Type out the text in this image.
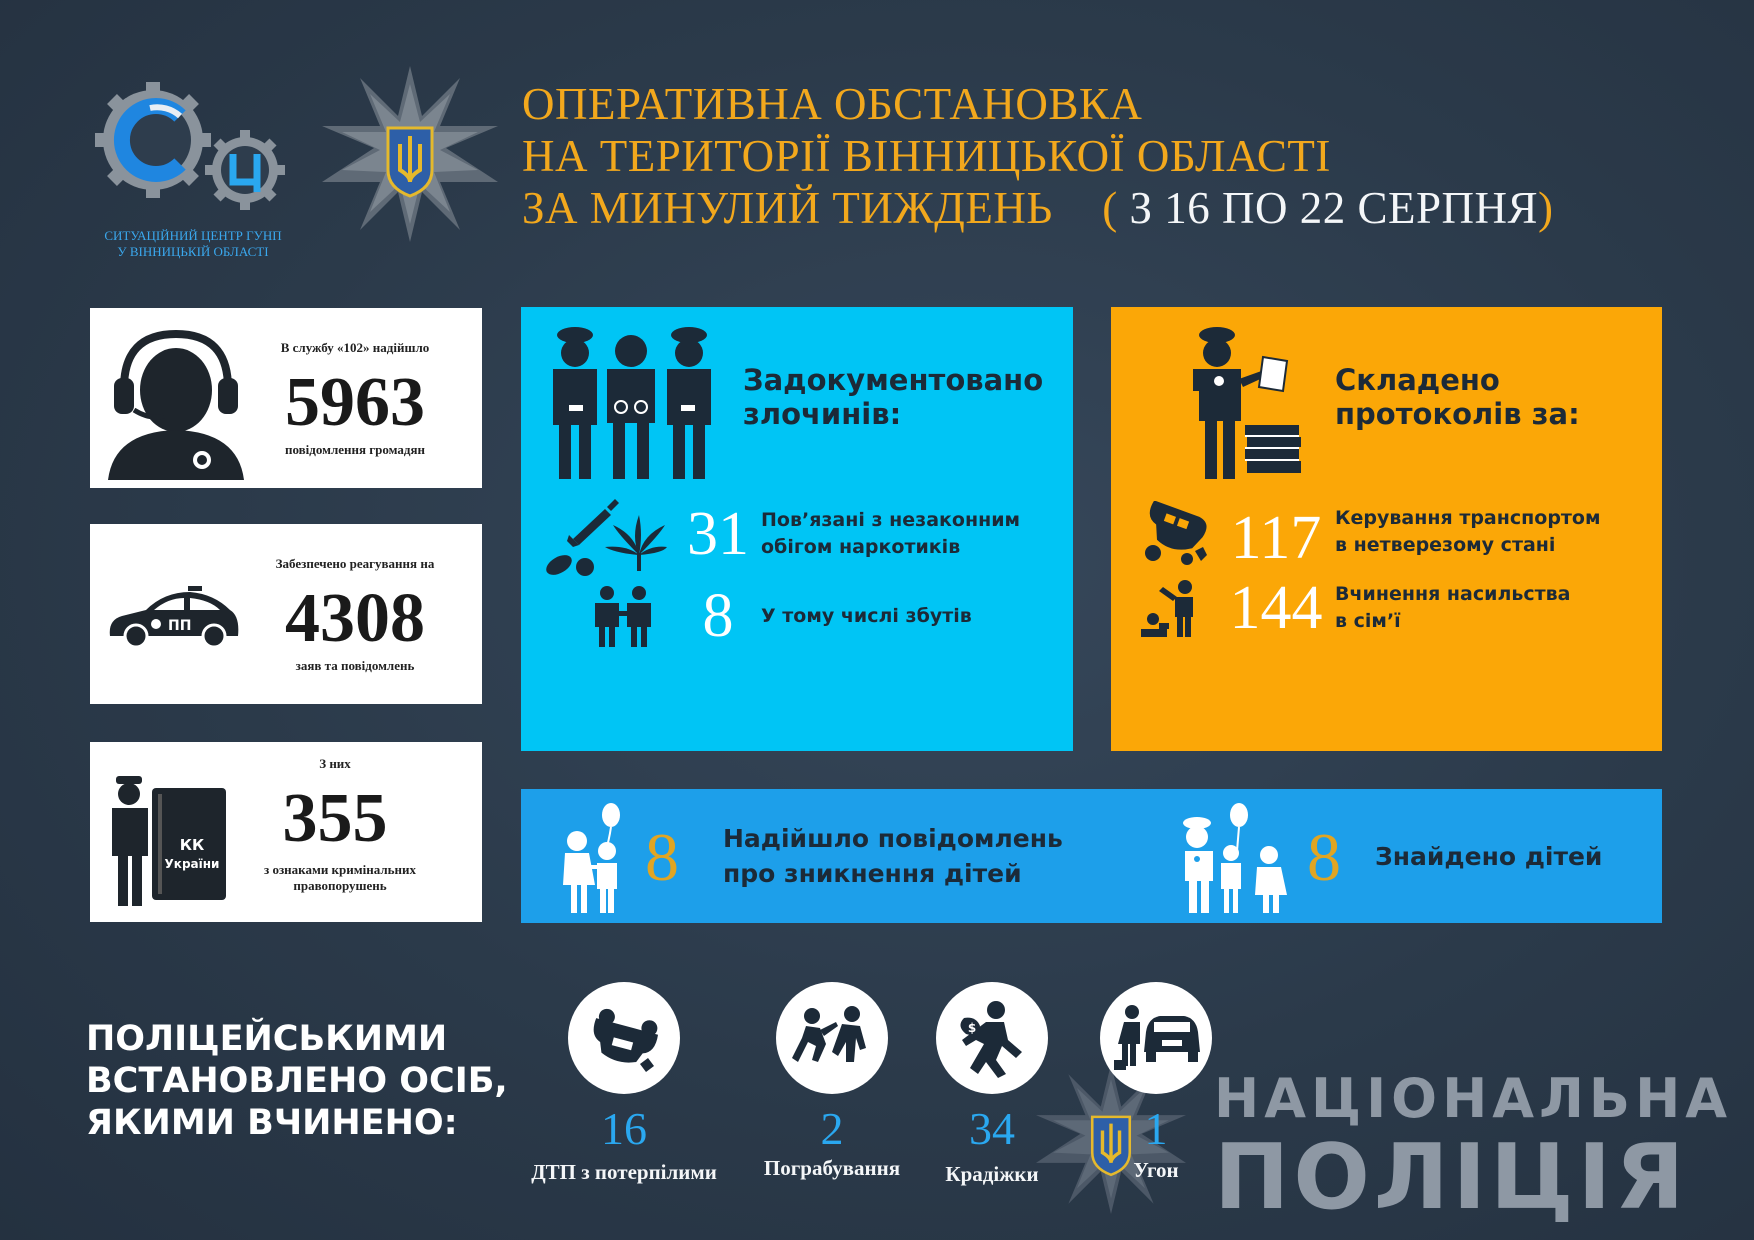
СИТУАЦІЙНИЙ ЦЕНТР ГУНП
У ВІННИЦЬКІЙ ОБЛАСТІ
ОПЕРАТИВНА ОБСТАНОВКА
НА ТЕРИТОРІЇ ВІННИЦЬКОЇ ОБЛАСТІ
ЗА МИНУЛИЙ ТИЖДЕНЬ ( З 16 ПО 22 СЕРПНЯ)
В службу «102» надійшло
5963
повідомлення громадян
ПП
Забезпечено реагування на
4308
заяв та повідомлень
КК
України
З них
355
з ознаками кримінальних
правопорушень
Задокументовано
злочинів:
31 Пов’язані з незаконним
обігом наркотиків
8	У тому числі збутів
Складено
протоколів за:
117 Керування транспортом
в нетверезому стані
144 Вчинення насильства
в сім’ї
8	Надійшло повідомлень
про зникнення дітей	8	Знайдено дітей
ПОЛІЦЕЙСЬКИМИ
ВСТАНОВЛЕНО ОСІБ,
ЯКИМИ ВЧИНЕНО:	16
ДТП з потерпілими
2
Пограбування
$
34
Крадіжки
1
Угон
НАЦІОНАЛЬНА
ПОЛІЦІЯ
